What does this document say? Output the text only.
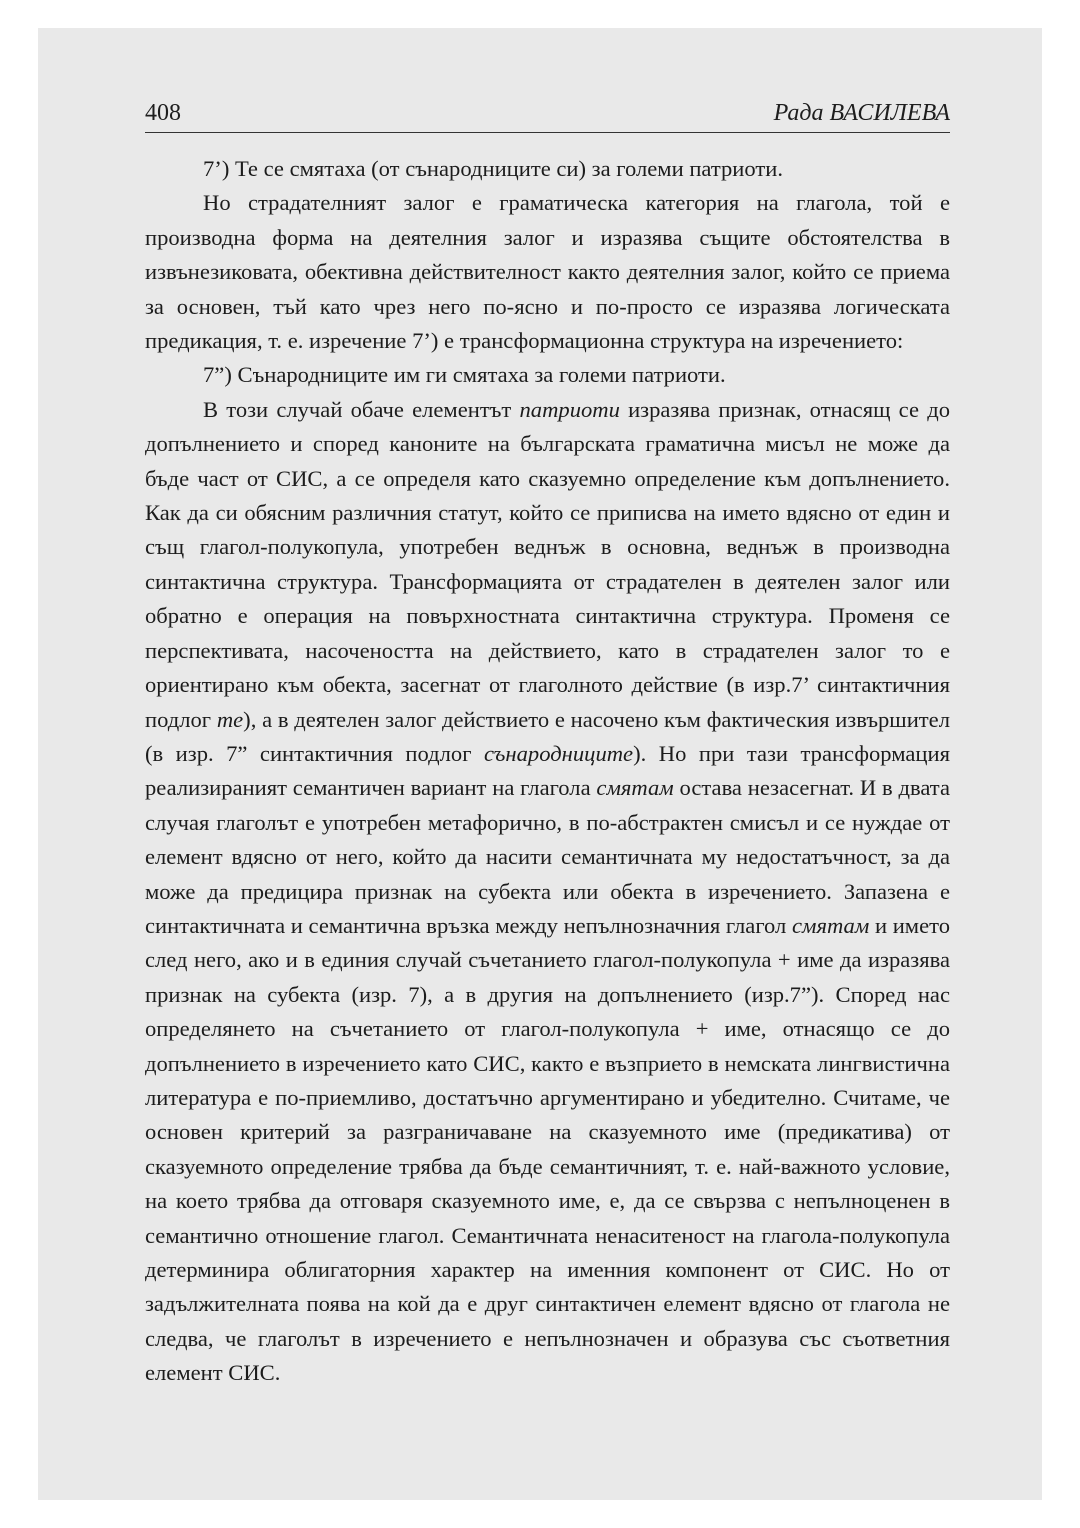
408	Рада ВАСИЛЕВА

7’) Те се смятаха (от сънародниците си) за големи патриоти.

Но страдателният залог е граматическа категория на глагола, той е производна форма на деятелния залог и изразява същите обстоятелства в извънезиковата, обективна действителност както деятелния залог, който се приема за основен, тъй като чрез него по-ясно и по-просто се изразява логическата предикация, т. е. изречение 7’) е трансформационна структура на изречението:

7”) Сънародниците им ги смятаха за големи патриоти.

В този случай обаче елементът патриоти изразява признак, отнасящ се до допълнението и според каноните на българската граматична мисъл не може да бъде част от СИС, а се определя като сказуемно определение към допълнението. Как да си обясним различния статут, който се приписва на името вдясно от един и същ глагол-полукопула, употребен веднъж в основна, веднъж в производна синтактична структура. Трансформацията от страдателен в деятелен залог или обратно е операция на повърхностната синтактична структура. Променя се перспективата, насочеността на действието, като в страдателен залог то е ориентирано към обекта, засегнат от глаголното действие (в изр.7’ синтактичния подлог те), а в деятелен залог действието е насочено към фактическия извършител (в изр. 7” синтактичния подлог сънародниците). Но при тази трансформация реализираният семантичен вариант на глагола смятам остава незасегнат. И в двата случая глаголът е употребен метафорично, в по-абстрактен смисъл и се нуждае от елемент вдясно от него, който да насити семантичната му недостатъчност, за да може да предицира признак на субекта или обекта в изречението. Запазена е синтактичната и семантична връзка между непълнозначния глагол смятам и името след него, ако и в единия случай съчетанието глагол-полукопула + име да изразява признак на субекта (изр. 7), а в другия на допълнението (изр.7”). Според нас определянето на съчетанието от глагол-полукопула + име, отнасящо се до допълнението в изречението като СИС, както е възприето в немската лингвистична литература е по-приемливо, достатъчно аргументирано и убедително. Считаме, че основен критерий за разграничаване на сказуемното име (предикатива) от сказуемното определение трябва да бъде семантичният, т. е. най-важното условие, на което трябва да отговаря сказуемното име, е, да се свързва с непълноценен в семантично отношение глагол. Семантичната ненаситеност на глагола-полукопула детерминира облигаторния характер на именния компонент от СИС. Но от задължителната поява на кой да е друг синтактичен елемент вдясно от глагола не следва, че глаголът в изречението е непълнозначен и образува със съответния елемент СИС.
